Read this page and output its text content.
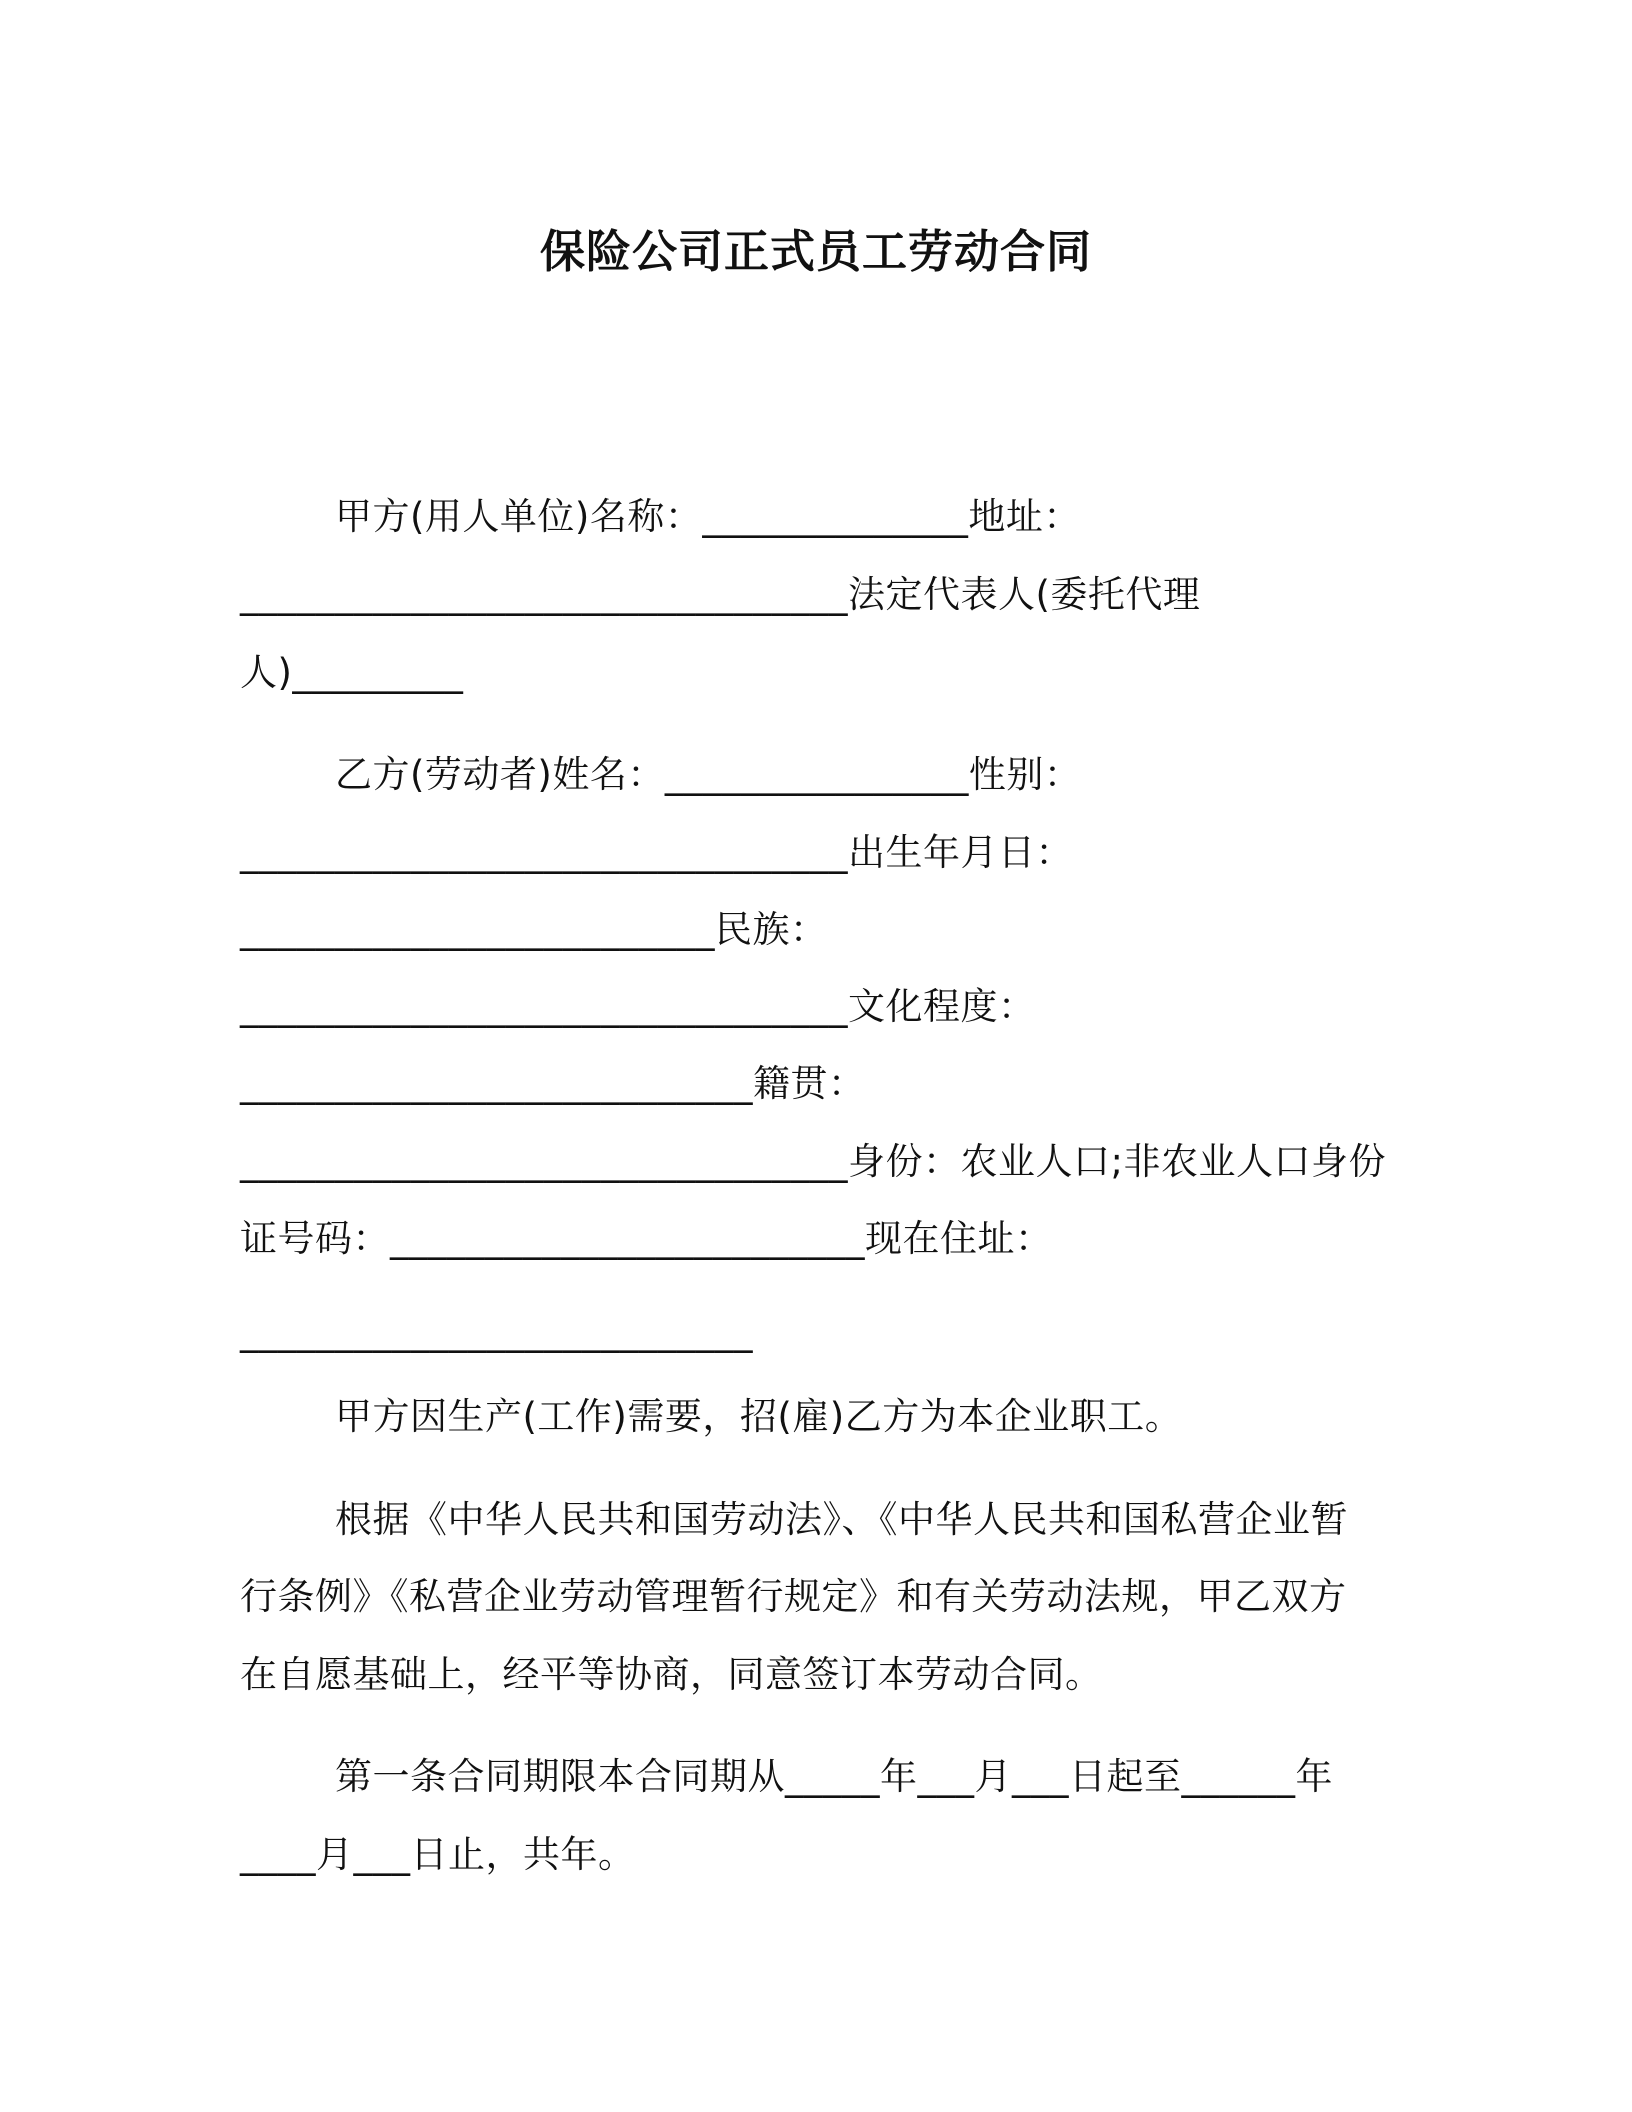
保险公司正式员工劳动合同
甲方(用人单位)名称：______________地址：
________________________________法定代表人(委托代理
人)_________
乙方(劳动者)姓名：________________性别：
________________________________出生年月日：
_________________________民族：
________________________________文化程度：
___________________________籍贯：
________________________________身份：农业人口;非农业人口身份
证号码：_________________________现在住址：
___________________________
甲方因生产(工作)需要，招(雇)乙方为本企业职工。
根据《中华人民共和国劳动法》、《中华人民共和国私营企业暂
行条例》《私营企业劳动管理暂行规定》和有关劳动法规，甲乙双方
在自愿基础上，经平等协商，同意签订本劳动合同。
第一条合同期限本合同期从_____年___月___日起至______年
____月___日止，共年。
